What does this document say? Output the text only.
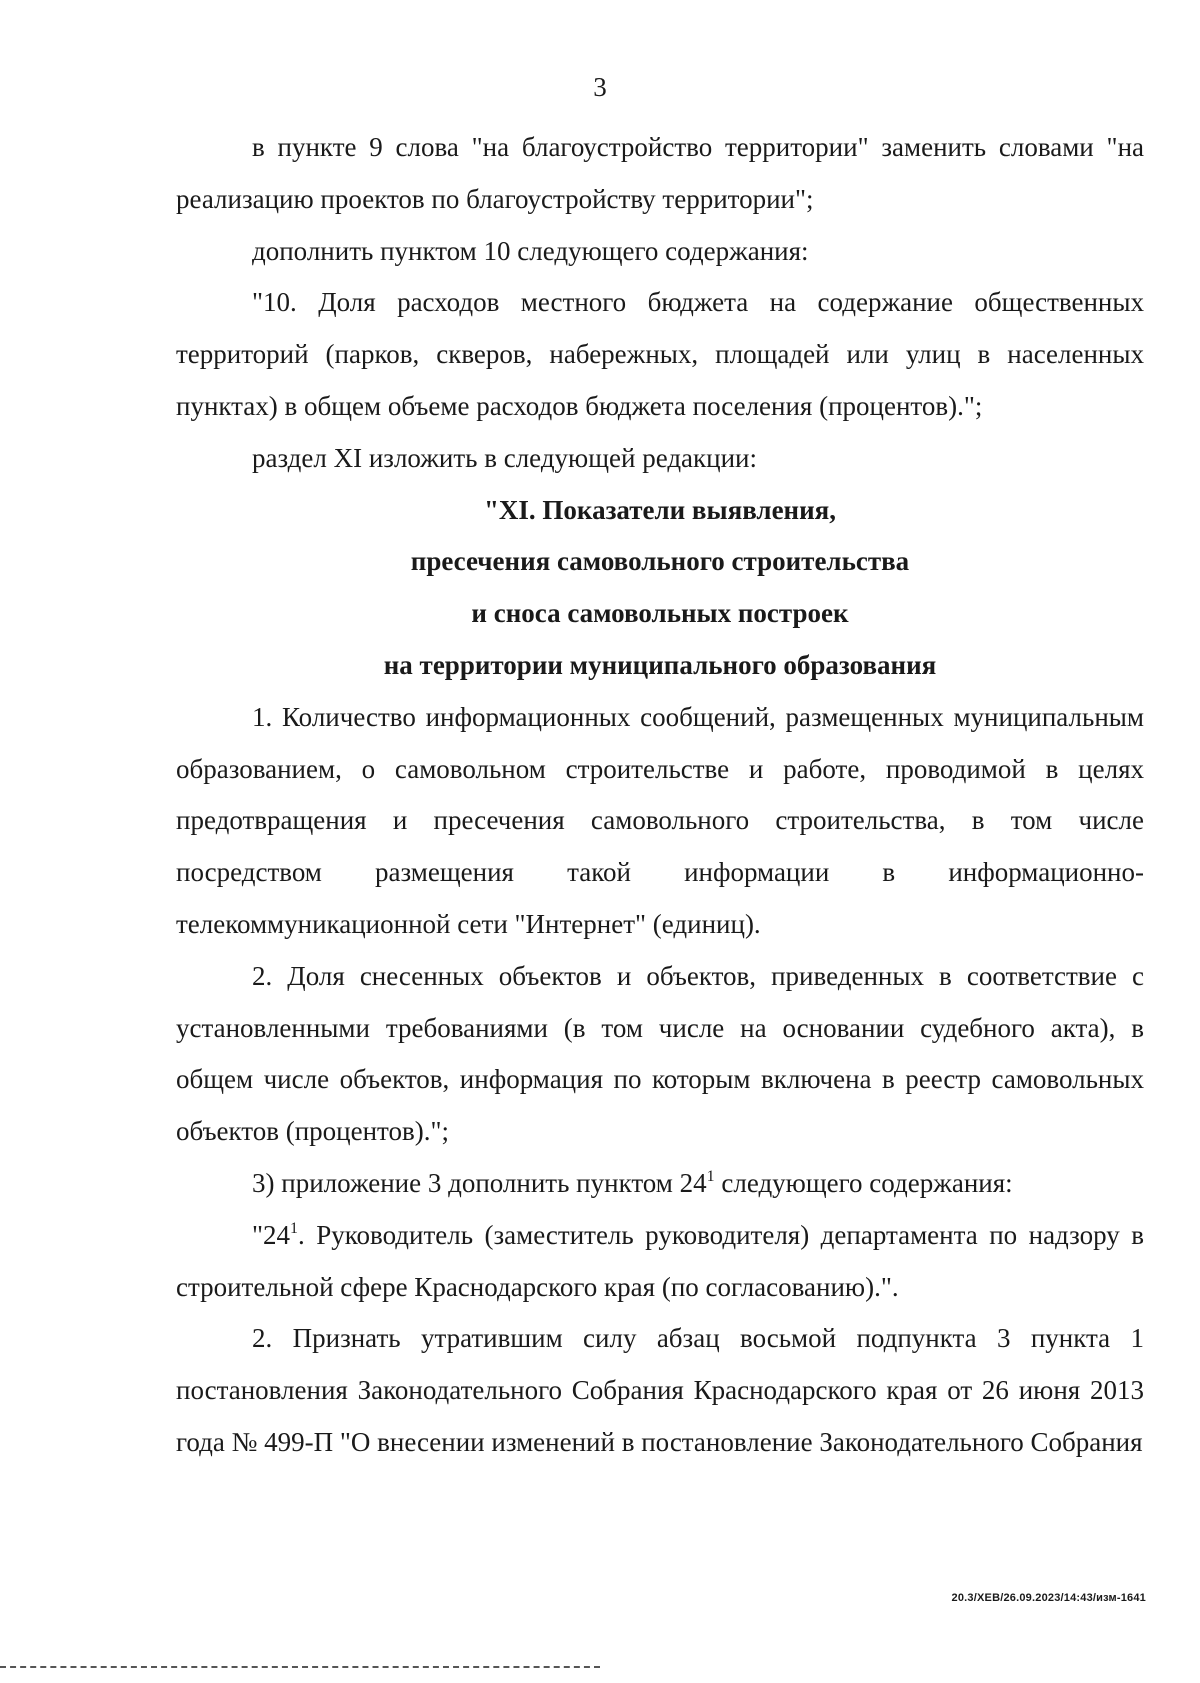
3

в пункте 9 слова "на благоустройство территории" заменить словами "на реализацию проектов по благоустройству территории";

дополнить пунктом 10 следующего содержания:

"10. Доля расходов местного бюджета на содержание общественных территорий (парков, скверов, набережных, площадей или улиц в населенных пунктах) в общем объеме расходов бюджета поселения (процентов).";

раздел XI изложить в следующей редакции:

"XI. Показатели выявления,

пресечения самовольного строительства

и сноса самовольных построек

на территории муниципального образования

1. Количество информационных сообщений, размещенных муниципальным образованием, о самовольном строительстве и работе, проводимой в целях предотвращения и пресечения самовольного строительства, в том числе посредством размещения такой информации в информационно-телекоммуникационной сети "Интернет" (единиц).

2. Доля снесенных объектов и объектов, приведенных в соответствие с установленными требованиями (в том числе на основании судебного акта), в общем числе объектов, информация по которым включена в реестр самовольных объектов (процентов).";

3) приложение 3 дополнить пунктом $24^1$ следующего содержания:

"$24^1$. Руководитель (заместитель руководителя) департамента по надзору в строительной сфере Краснодарского края (по согласованию).".

2. Признать утратившим силу абзац восьмой подпункта 3 пункта 1 постановления Законодательного Собрания Краснодарского края от 26 июня 2013 года № 499-П "О внесении изменений в постановление Законодательного Собрания

20.3/ХЕВ/26.09.2023/14:43/изм-1641
